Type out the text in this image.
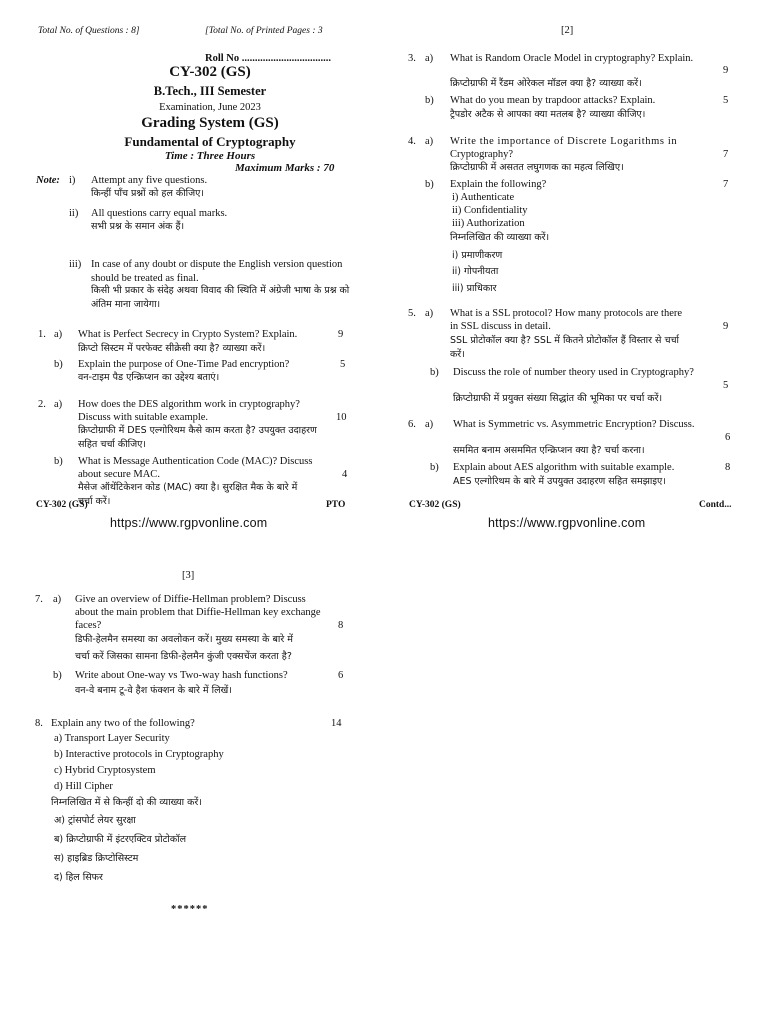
Total No. of Questions : 8]	[Total No. of Printed Pages : 3
Roll No ..................................
CY-302 (GS)
B.Tech., III Semester
Examination, June 2023
Grading System (GS)
Fundamental of Cryptography
Time : Three Hours
Maximum Marks : 70
Note: i) Attempt any five questions.
किन्हीं पाँच प्रश्नों को हल कीजिए।
ii) All questions carry equal marks.
सभी प्रश्न के समान अंक हैं।
iii) In case of any doubt or dispute the English version question should be treated as final.
किसी भी प्रकार के संदेह अथवा विवाद की स्थिति में अंग्रेजी भाषा के प्रश्न को अंतिम माना जायेगा।
1. a) What is Perfect Secrecy in Crypto System? Explain.	9
क्रिप्टो सिस्टम में परफेक्ट सीक्रेसी क्या है? व्याख्या करें।
b) Explain the purpose of One-Time Pad encryption?	5
वन-टाइम पैड एन्क्रिप्शन का उद्देश्य बताएं।
2. a) How does the DES algorithm work in cryptography?
Discuss with suitable example.	10
क्रिप्टोग्राफी में DES एल्गोरिथम कैसे काम करता है? उपयुक्त उदाहरण
सहित चर्चा कीजिए।
b) What is Message Authentication Code (MAC)? Discuss
about secure MAC.	4
मैसेज ऑथेंटिकेशन कोड (MAC) क्या है। सुरक्षित मैक के बारे में
चर्चा करें।
CY-302 (GS)	PTO
https://www.rgpvonline.com
[2]
3. a) What is Random Oracle Model in cryptography? Explain.
9
क्रिप्टोग्राफी में रैंडम ओरेकल मॉडल क्या है? व्याख्या करें।
b) What do you mean by trapdoor attacks? Explain.	5
ट्रैपडोर अटैक से आपका क्या मतलब है? व्याख्या कीजिए।
4. a) Write the importance of Discrete Logarithms in
Cryptography?	7
क्रिप्टोग्राफी में असतत लघुगणक का महत्व लिखिए।
b) Explain the following?	7
i) Authenticate
ii) Confidentiality
iii) Authorization
निम्नलिखित की व्याख्या करें।
i) प्रमाणीकरण
ii) गोपनीयता
iii) प्राधिकार
5. a) What is a SSL protocol? How many protocols are there
in SSL discuss in detail.	9
SSL प्रोटोकॉल क्या है? SSL में कितने प्रोटोकॉल हैं विस्तार से चर्चा
करें।
b) Discuss the role of number theory used in Cryptography?
5
क्रिप्टोग्राफी में प्रयुक्त संख्या सिद्धांत की भूमिका पर चर्चा करें।
6. a) What is Symmetric vs. Asymmetric Encryption? Discuss.
6
सममित बनाम असममित एन्क्रिप्शन क्या है? चर्चा करना।
b) Explain about AES algorithm with suitable example.	8
AES एल्गोरिथम के बारे में उपयुक्त उदाहरण सहित समझाइए।
CY-302 (GS)	Contd...
https://www.rgpvonline.com
[3]
7. a) Give an overview of Diffie-Hellman problem? Discuss
about the main problem that Diffie-Hellman key exchange
faces?	8
डिफी-हेलमैन समस्या का अवलोकन करें। मुख्य समस्या के बारे में
चर्चा करें जिसका सामना डिफी-हेलमैन कुंजी एक्सचेंज करता है?
b) Write about One-way vs Two-way hash functions?	6
वन-वे बनाम टू-वे हैश फंक्शन के बारे में लिखें।
8. Explain any two of the following?	14
a) Transport Layer Security
b) Interactive protocols in Cryptography
c) Hybrid Cryptosystem
d) Hill Cipher
निम्नलिखित में से किन्हीं दो की व्याख्या करें।
अ) ट्रांसपोर्ट लेयर सुरक्षा
ब) क्रिप्टोग्राफी में इंटरएक्टिव प्रोटोकॉल
स) हाइब्रिड क्रिप्टोसिस्टम
द) हिल सिफर
******
